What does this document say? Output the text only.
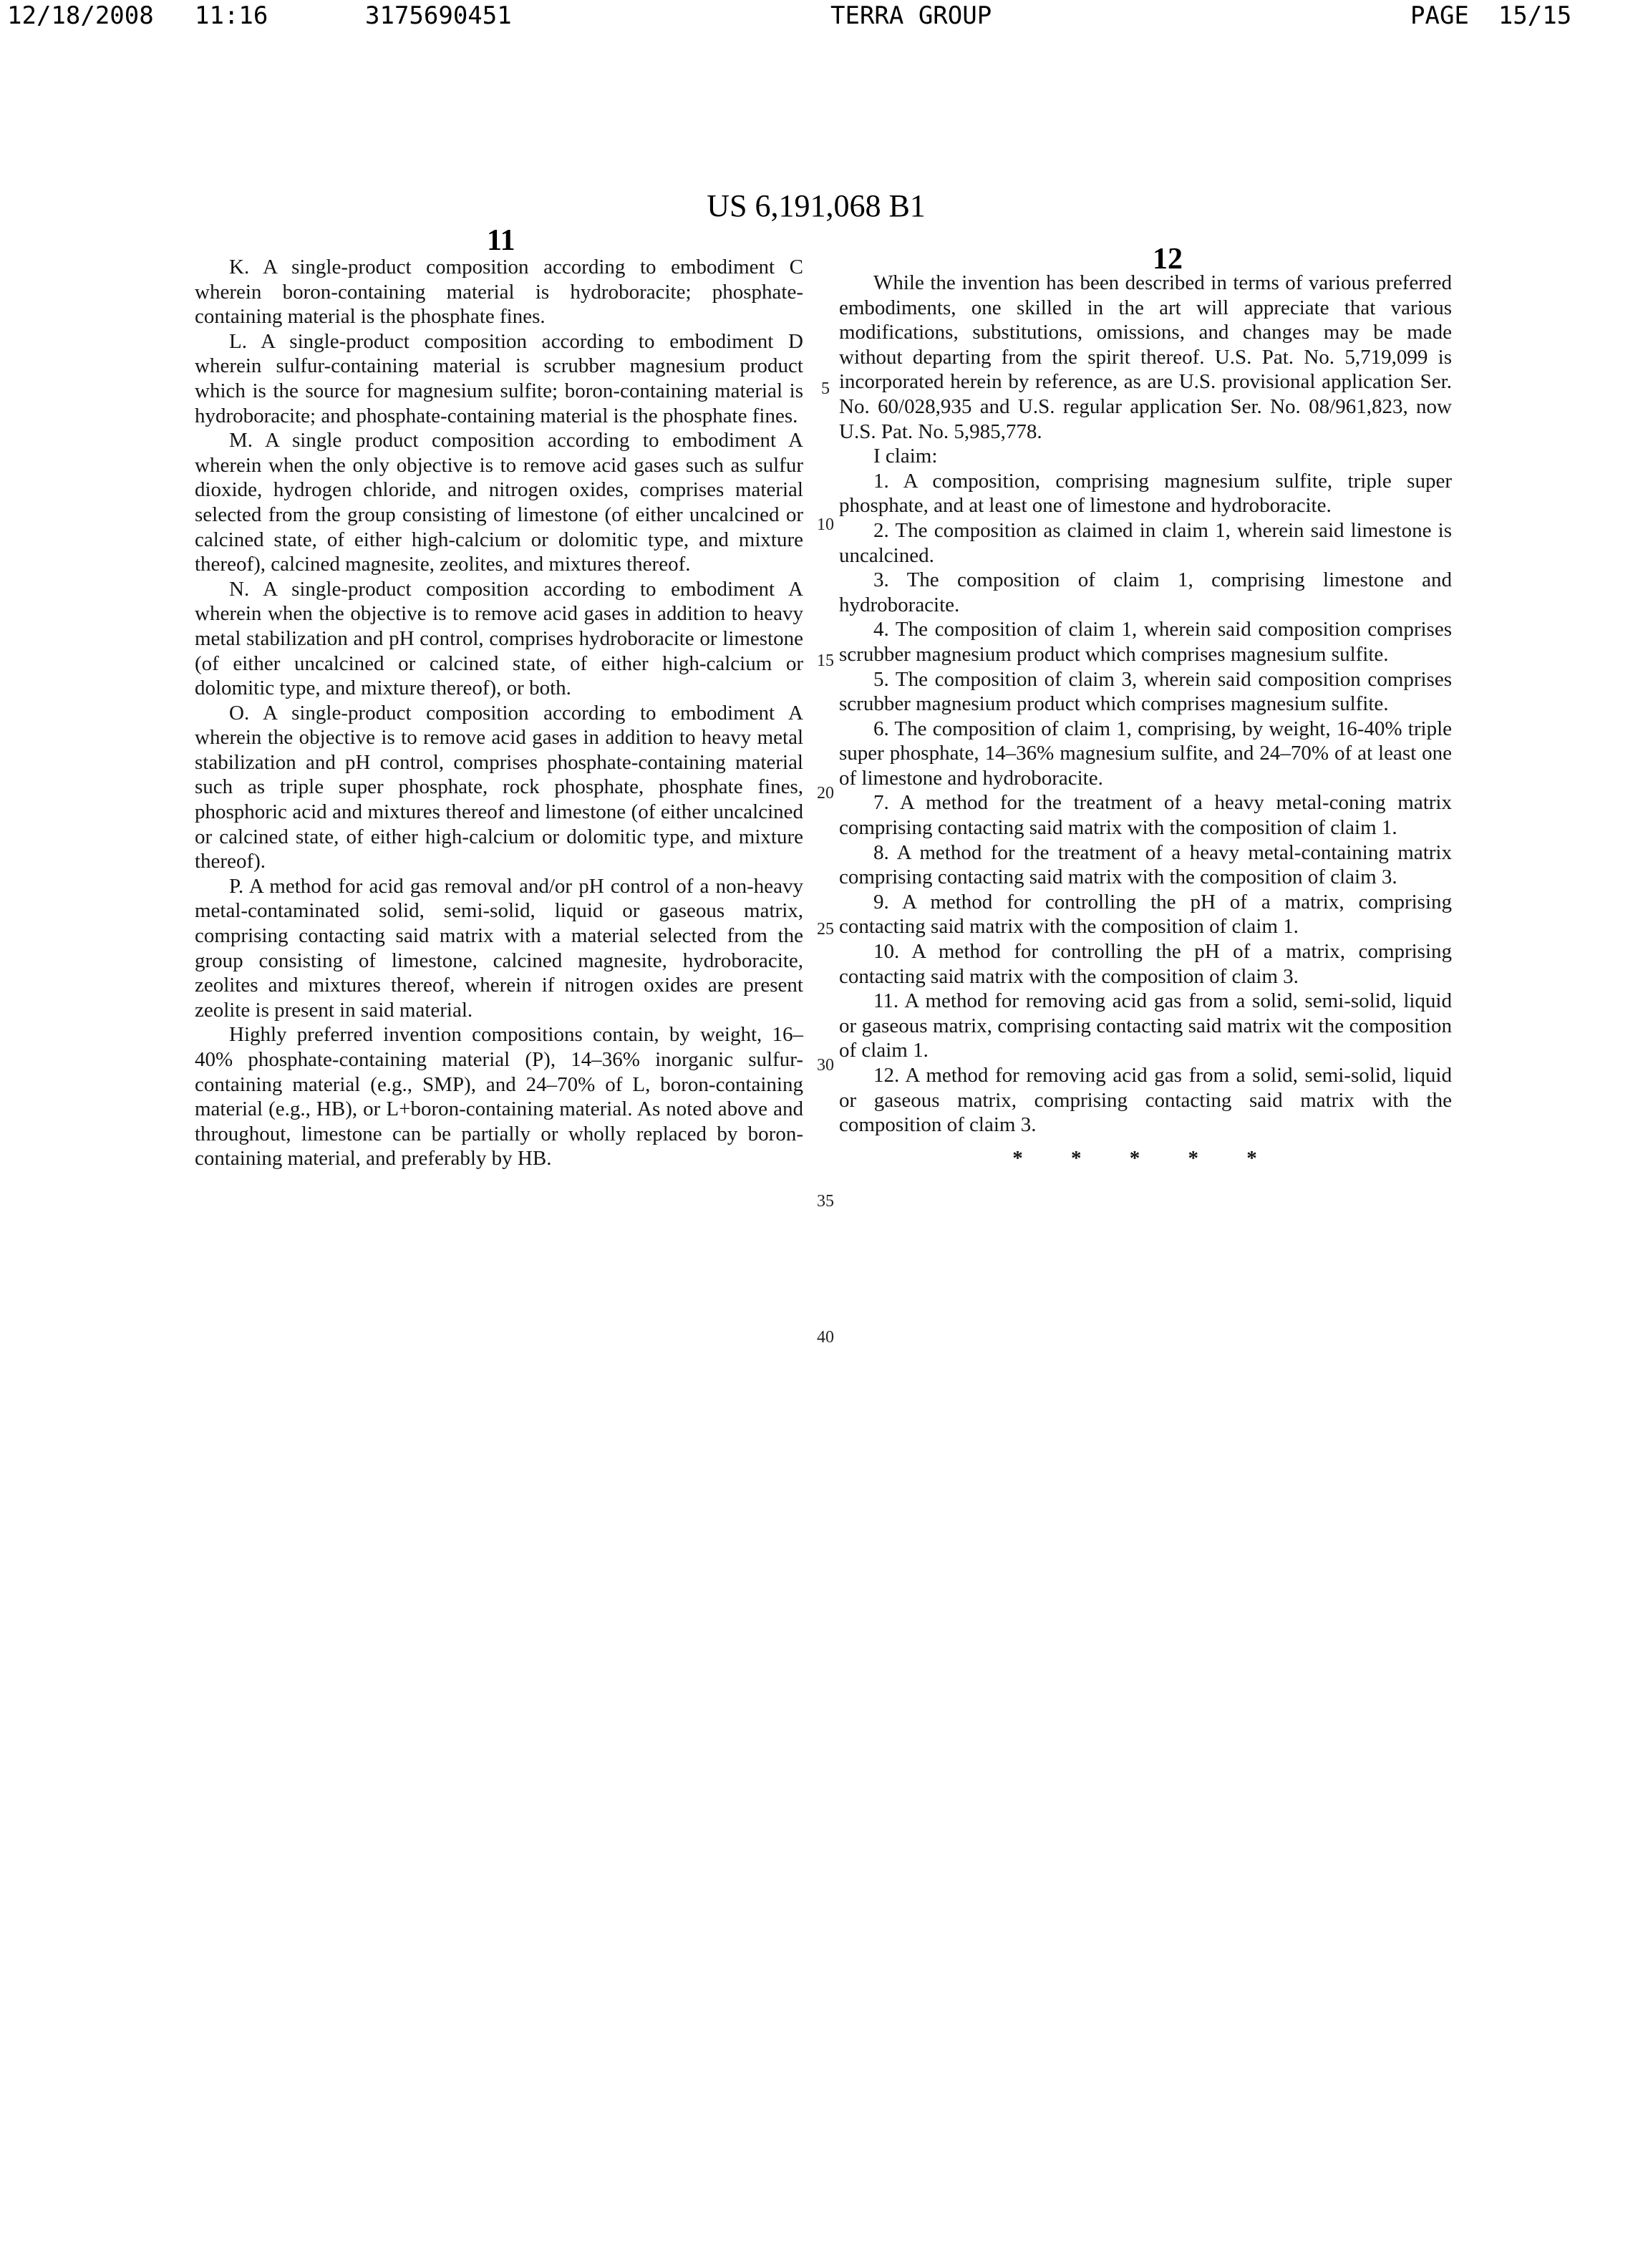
12/18/2008 11:16	3175690451	TERRA GROUP	PAGE  15/15
US 6,191,068 B1
11
12

K. A single-product composition according to embodiment C wherein boron-containing material is hydroboracite; phosphate-containing material is the phosphate fines.

L. A single-product composition according to embodiment D wherein sulfur-containing material is scrubber magnesium product which is the source for magnesium sulfite; boron-containing material is hydroboracite; and phosphate-containing material is the phosphate fines.

M. A single product composition according to embodiment A wherein when the only objective is to remove acid gases such as sulfur dioxide, hydrogen chloride, and nitrogen oxides, comprises material selected from the group consisting of limestone (of either uncalcined or calcined state, of either high-calcium or dolomitic type, and mixture thereof), calcined magnesite, zeolites, and mixtures thereof.

N. A single-product composition according to embodiment A wherein when the objective is to remove acid gases in addition to heavy metal stabilization and pH control, comprises hydroboracite or limestone (of either uncalcined or calcined state, of either high-calcium or dolomitic type, and mixture thereof), or both.

O. A single-product composition according to embodiment A wherein the objective is to remove acid gases in addition to heavy metal stabilization and pH control, comprises phosphate-containing material such as triple super phosphate, rock phosphate, phosphate fines, phosphoric acid and mixtures thereof and limestone (of either uncalcined or calcined state, of either high-calcium or dolomitic type, and mixture thereof).

P. A method for acid gas removal and/or pH control of a non-heavy metal-contaminated solid, semi-solid, liquid or gaseous matrix, comprising contacting said matrix with a material selected from the group consisting of limestone, calcined magnesite, hydroboracite, zeolites and mixtures thereof, wherein if nitrogen oxides are present zeolite is present in said material.

Highly preferred invention compositions contain, by weight, 16–40% phosphate-containing material (P), 14–36% inorganic sulfur-containing material (e.g., SMP), and 24–70% of L, boron-containing material (e.g., HB), or L+boron-containing material. As noted above and throughout, limestone can be partially or wholly replaced by boron-containing material, and preferably by HB.

5
10
15
20
25
30
35
40

While the invention has been described in terms of various preferred embodiments, one skilled in the art will appreciate that various modifications, substitutions, omissions, and changes may be made without departing from the spirit thereof. U.S. Pat. No. 5,719,099 is incorporated herein by reference, as are U.S. provisional application Ser. No. 60/028,935 and U.S. regular application Ser. No. 08/961,823, now U.S. Pat. No. 5,985,778.

I claim:

1. A composition, comprising magnesium sulfite, triple super phosphate, and at least one of limestone and hydroboracite.

2. The composition as claimed in claim 1, wherein said limestone is uncalcined.

3. The composition of claim 1, comprising limestone and hydroboracite.

4. The composition of claim 1, wherein said composition comprises scrubber magnesium product which comprises magnesium sulfite.

5. The composition of claim 3, wherein said composition comprises scrubber magnesium product which comprises magnesium sulfite.

6. The composition of claim 1, comprising, by weight, 16-40% triple super phosphate, 14–36% magnesium sulfite, and 24–70% of at least one of limestone and hydroboracite.

7. A method for the treatment of a heavy metal-coning matrix comprising contacting said matrix with the composition of claim 1.

8. A method for the treatment of a heavy metal-containing matrix comprising contacting said matrix with the composition of claim 3.

9. A method for controlling the pH of a matrix, comprising contacting said matrix with the composition of claim 1.

10. A method for controlling the pH of a matrix, comprising contacting said matrix with the composition of claim 3.

11. A method for removing acid gas from a solid, semi-solid, liquid or gaseous matrix, comprising contacting said matrix wit the composition of claim 1.

12. A method for removing acid gas from a solid, semi-solid, liquid or gaseous matrix, comprising contacting said matrix with the composition of claim 3.

* * * * *
